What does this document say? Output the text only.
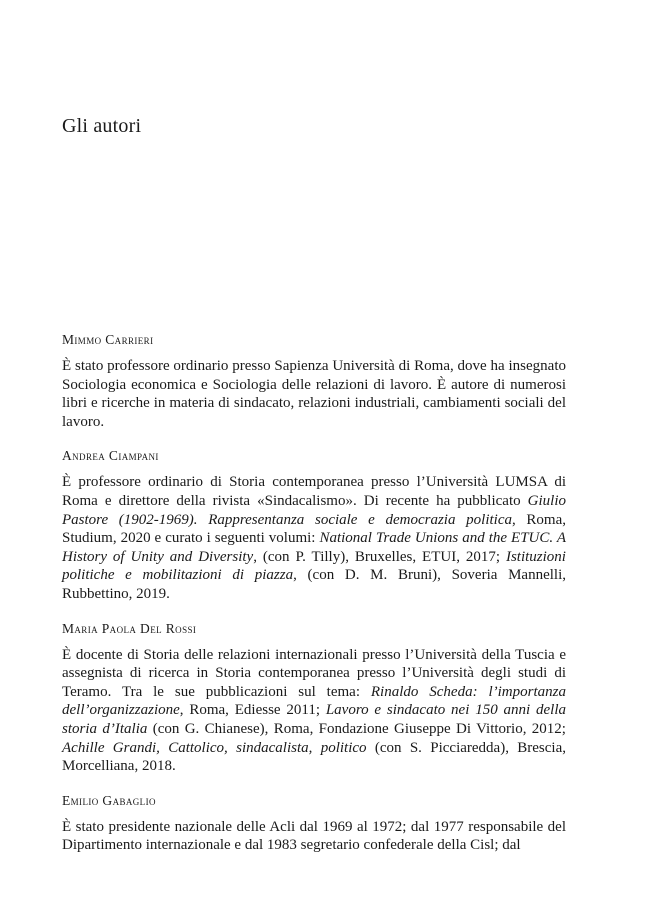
Gli autori
Mimmo Carrieri

È stato professore ordinario presso Sapienza Università di Roma, dove ha insegnato Sociologia economica e Sociologia delle relazioni di lavoro. È autore di numerosi libri e ricerche in materia di sindacato, relazioni industriali, cambiamenti sociali del lavoro.

Andrea Ciampani

È professore ordinario di Storia contemporanea presso l’Università LUMSA di Roma e direttore della rivista «Sindacalismo». Di recente ha pubblicato Giulio Pastore (1902-1969). Rappresentanza sociale e democrazia politica, Roma, Studium, 2020 e curato i seguenti volumi: National Trade Unions and the ETUC. A History of Unity and Diversity, (con P. Tilly), Bruxelles, ETUI, 2017; Istituzioni politiche e mobilitazioni di piazza, (con D. M. Bruni), Soveria Mannelli, Rubbettino, 2019.

Maria Paola Del Rossi

È docente di Storia delle relazioni internazionali presso l’Università della Tuscia e assegnista di ricerca in Storia contemporanea presso l’Università degli studi di Teramo. Tra le sue pubblicazioni sul tema: Rinaldo Scheda: l’importanza dell’organizzazione, Roma, Ediesse 2011; Lavoro e sindacato nei 150 anni della storia d’Italia (con G. Chianese), Roma, Fondazione Giuseppe Di Vittorio, 2012; Achille Grandi, Cattolico, sindacalista, politico (con S. Picciaredda), Brescia, Morcelliana, 2018.

Emilio Gabaglio

È stato presidente nazionale delle Acli dal 1969 al 1972; dal 1977 responsabile del Dipartimento internazionale e dal 1983 segretario confederale della Cisl; dal
